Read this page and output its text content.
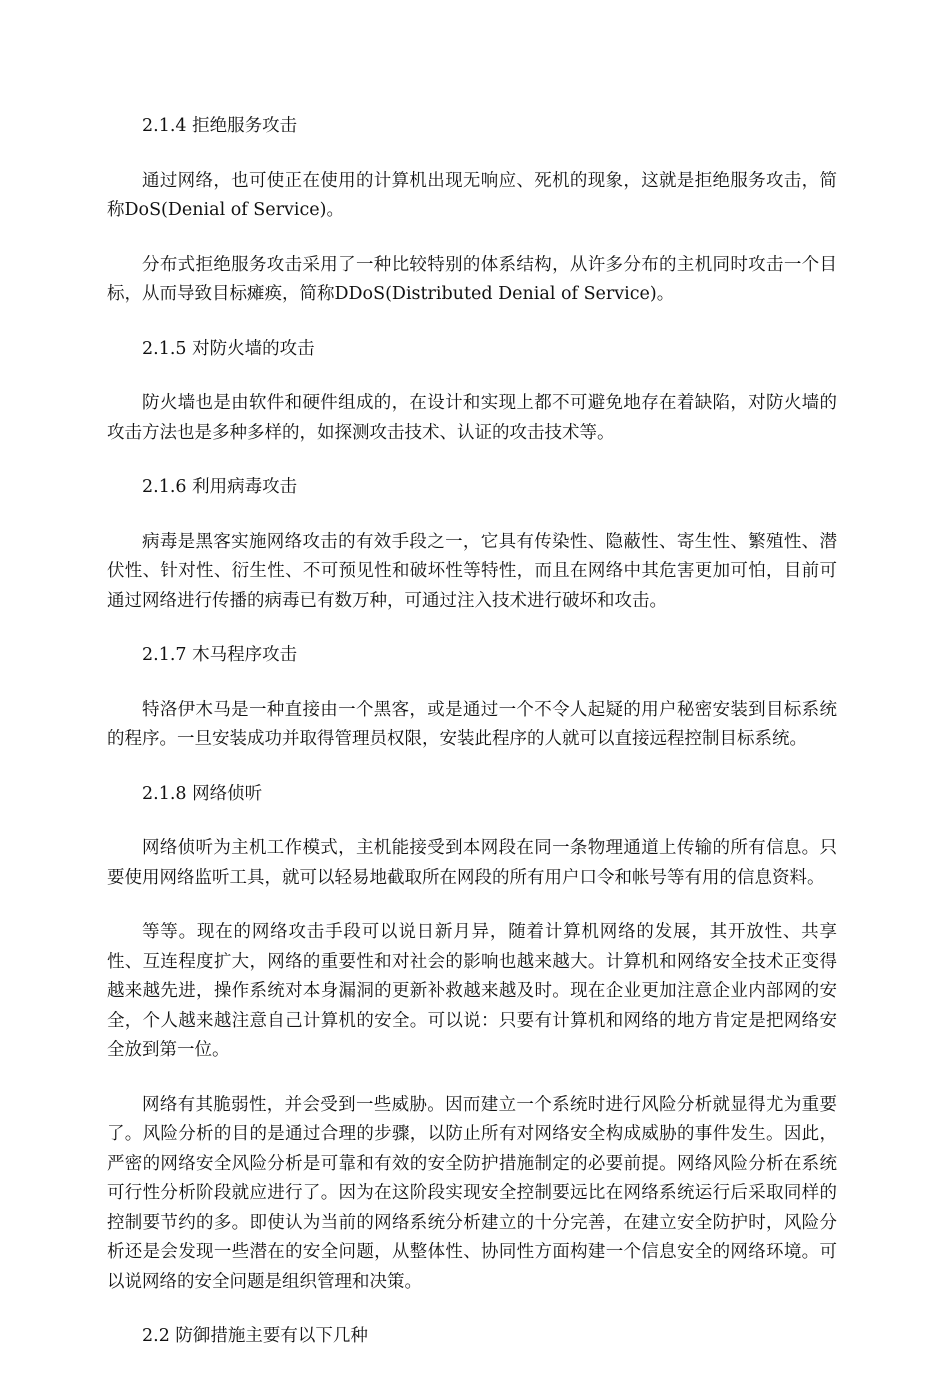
2.1.4 拒绝服务攻击

通过网络，也可使正在使用的计算机出现无响应、死机的现象，这就是拒绝服务攻击，简称DoS(Denial of Service)。

分布式拒绝服务攻击采用了一种比较特别的体系结构，从许多分布的主机同时攻击一个目标，从而导致目标瘫痪，简称DDoS(Distributed Denial of Service)。

2.1.5 对防火墙的攻击

防火墙也是由软件和硬件组成的，在设计和实现上都不可避免地存在着缺陷，对防火墙的攻击方法也是多种多样的，如探测攻击技术、认证的攻击技术等。

2.1.6 利用病毒攻击

病毒是黑客实施网络攻击的有效手段之一，它具有传染性、隐蔽性、寄生性、繁殖性、潜伏性、针对性、衍生性、不可预见性和破坏性等特性，而且在网络中其危害更加可怕，目前可通过网络进行传播的病毒已有数万种，可通过注入技术进行破坏和攻击。

2.1.7 木马程序攻击

特洛伊木马是一种直接由一个黑客，或是通过一个不令人起疑的用户秘密安装到目标系统的程序。一旦安装成功并取得管理员权限，安装此程序的人就可以直接远程控制目标系统。

2.1.8 网络侦听

网络侦听为主机工作模式，主机能接受到本网段在同一条物理通道上传输的所有信息。只要使用网络监听工具，就可以轻易地截取所在网段的所有用户口令和帐号等有用的信息资料。

等等。现在的网络攻击手段可以说日新月异，随着计算机网络的发展，其开放性、共享性、互连程度扩大，网络的重要性和对社会的影响也越来越大。计算机和网络安全技术正变得越来越先进，操作系统对本身漏洞的更新补救越来越及时。现在企业更加注意企业内部网的安全，个人越来越注意自己计算机的安全。可以说：只要有计算机和网络的地方肯定是把网络安全放到第一位。

网络有其脆弱性，并会受到一些威胁。因而建立一个系统时进行风险分析就显得尤为重要了。风险分析的目的是通过合理的步骤，以防止所有对网络安全构成威胁的事件发生。因此，严密的网络安全风险分析是可靠和有效的安全防护措施制定的必要前提。网络风险分析在系统可行性分析阶段就应进行了。因为在这阶段实现安全控制要远比在网络系统运行后采取同样的控制要节约的多。即使认为当前的网络系统分析建立的十分完善，在建立安全防护时，风险分析还是会发现一些潜在的安全问题，从整体性、协同性方面构建一个信息安全的网络环境。可以说网络的安全问题是组织管理和决策。

2.2 防御措施主要有以下几种
